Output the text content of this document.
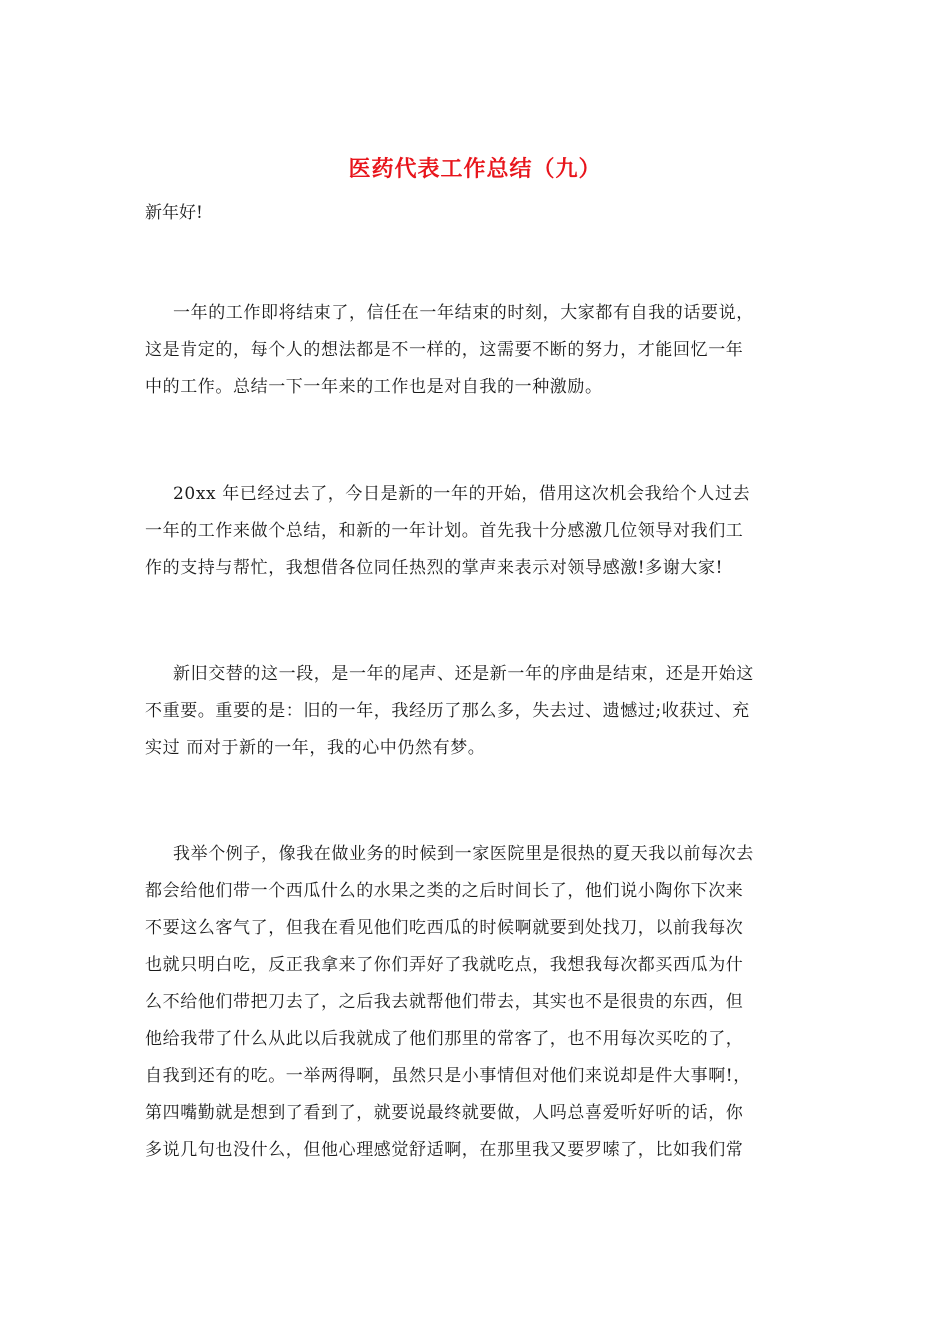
医药代表工作总结（九）
新年好!
一年的工作即将结束了，信任在一年结束的时刻，大家都有自我的话要说，
这是肯定的，每个人的想法都是不一样的，这需要不断的努力，才能回忆一年
中的工作。总结一下一年来的工作也是对自我的一种激励。
20xx 年已经过去了，今日是新的一年的开始，借用这次机会我给个人过去
一年的工作来做个总结，和新的一年计划。首先我十分感激几位领导对我们工
作的支持与帮忙，我想借各位同任热烈的掌声来表示对领导感激!多谢大家!
新旧交替的这一段，是一年的尾声、还是新一年的序曲是结束，还是开始这
不重要。重要的是：旧的一年，我经历了那么多，失去过、遗憾过;收获过、充
实过 而对于新的一年，我的心中仍然有梦。
我举个例子，像我在做业务的时候到一家医院里是很热的夏天我以前每次去
都会给他们带一个西瓜什么的水果之类的之后时间长了，他们说小陶你下次来
不要这么客气了，但我在看见他们吃西瓜的时候啊就要到处找刀，以前我每次
也就只明白吃，反正我拿来了你们弄好了我就吃点，我想我每次都买西瓜为什
么不给他们带把刀去了，之后我去就帮他们带去，其实也不是很贵的东西，但
他给我带了什么从此以后我就成了他们那里的常客了，也不用每次买吃的了，
自我到还有的吃。一举两得啊，虽然只是小事情但对他们来说却是件大事啊!，
第四嘴勤就是想到了看到了，就要说最终就要做，人吗总喜爱听好听的话，你
多说几句也没什么，但他心理感觉舒适啊，在那里我又要罗嗦了，比如我们常
